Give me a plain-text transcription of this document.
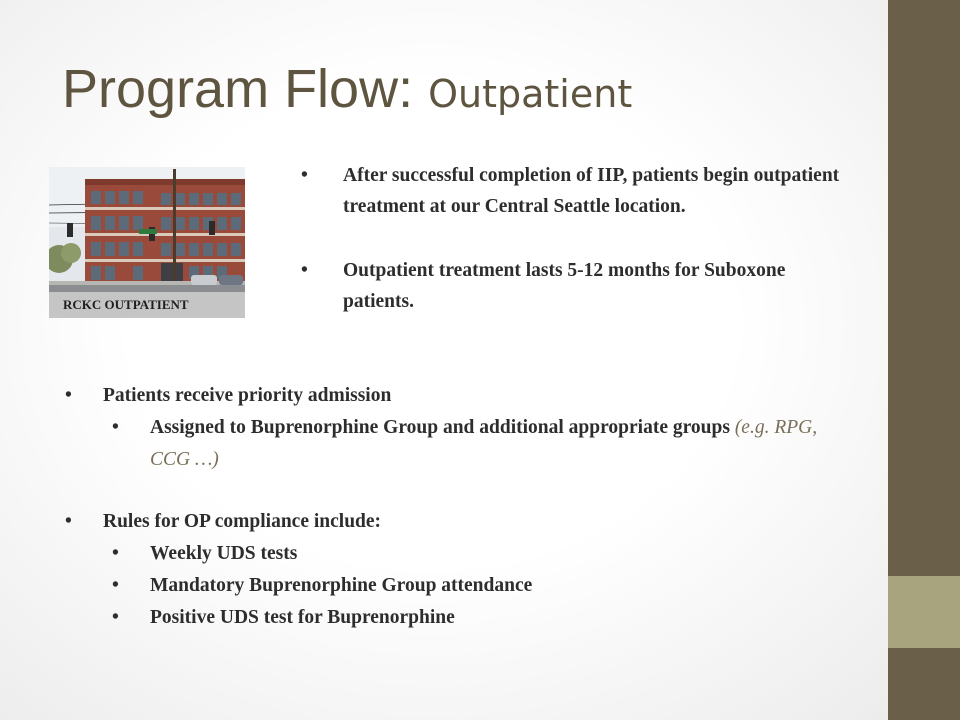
Program Flow: Outpatient
RCKC OUTPATIENT
• After successful completion of IIP, patients begin outpatient treatment at our Central Seattle location.
• Outpatient treatment lasts 5-12 months for Suboxone patients.
• Patients receive priority admission
• Assigned to Buprenorphine Group and additional appropriate groups (e.g. RPG, CCG …)
• Rules for OP compliance include:
• Weekly UDS tests
• Mandatory Buprenorphine Group attendance
• Positive UDS test for Buprenorphine
